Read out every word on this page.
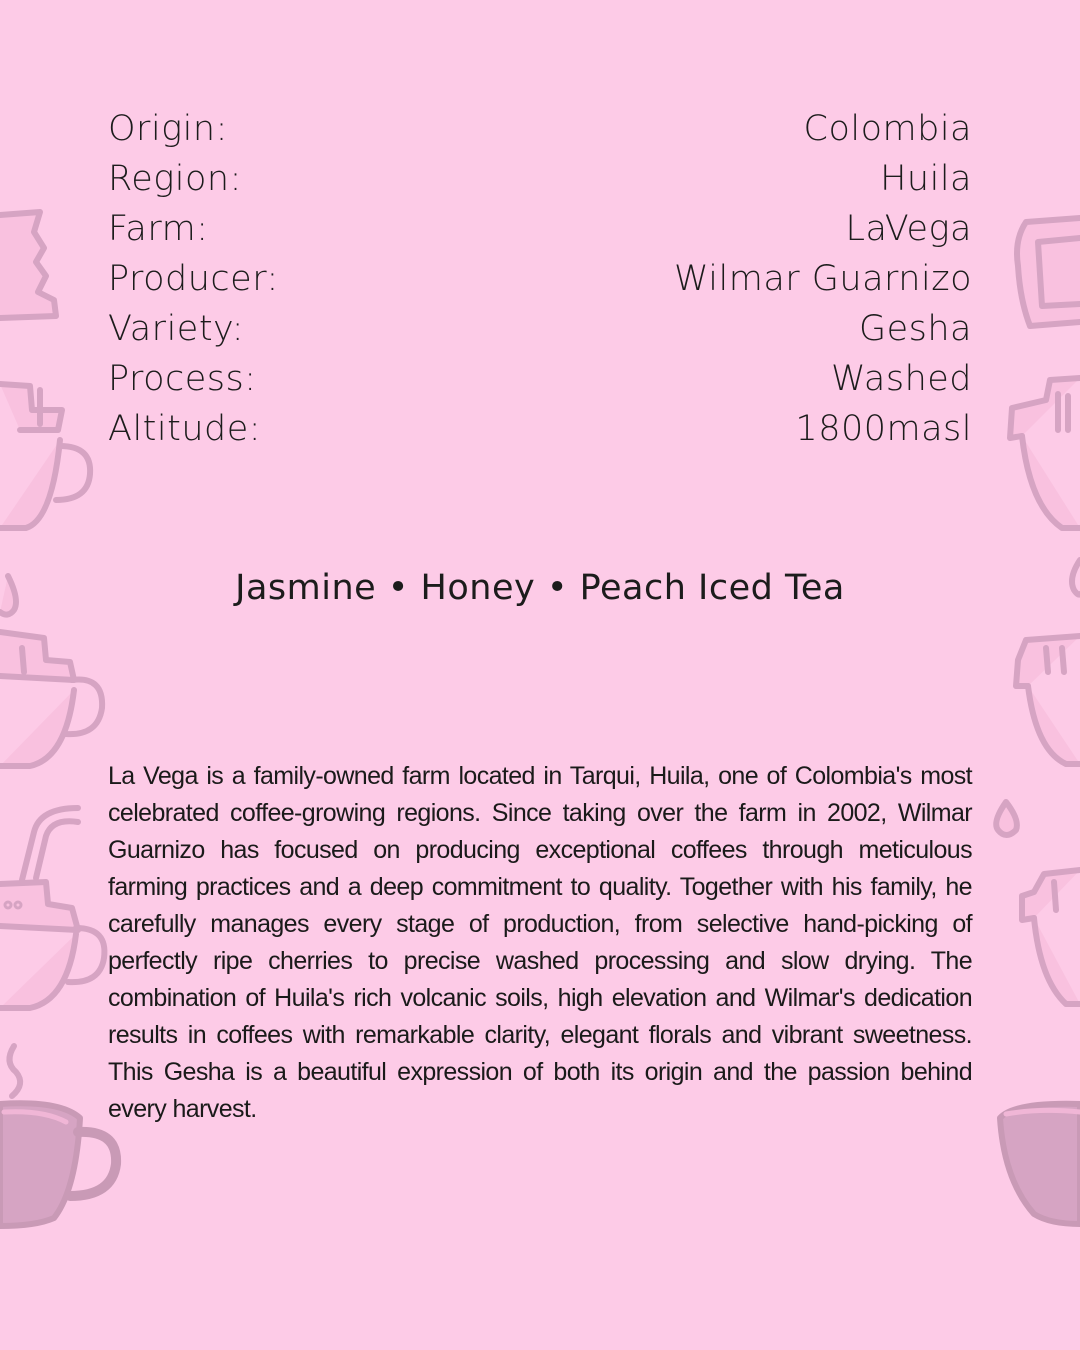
Origin:	Colombia
Region:	Huila
Farm:	LaVega
Producer:	Wilmar Guarnizo
Variety:	Gesha
Process:	Washed
Altitude:	1800masl
Jasmine • Honey • Peach Iced Tea

La Vega is a family-owned farm located in Tarqui, Huila, one of Colombia's most celebrated coffee-growing regions. Since taking over the farm in 2002, Wilmar Guarnizo has focused on producing exceptional coffees through meticulous farming practices and a deep commitment to quality. Together with his family, he carefully manages every stage of production, from selective hand-picking of perfectly ripe cherries to precise washed processing and slow drying. The combination of Huila's rich volcanic soils, high elevation and Wilmar's dedication results in coffees with remarkable clarity, elegant florals and vibrant sweetness. This Gesha is a beautiful expression of both its origin and the passion behind every harvest.
